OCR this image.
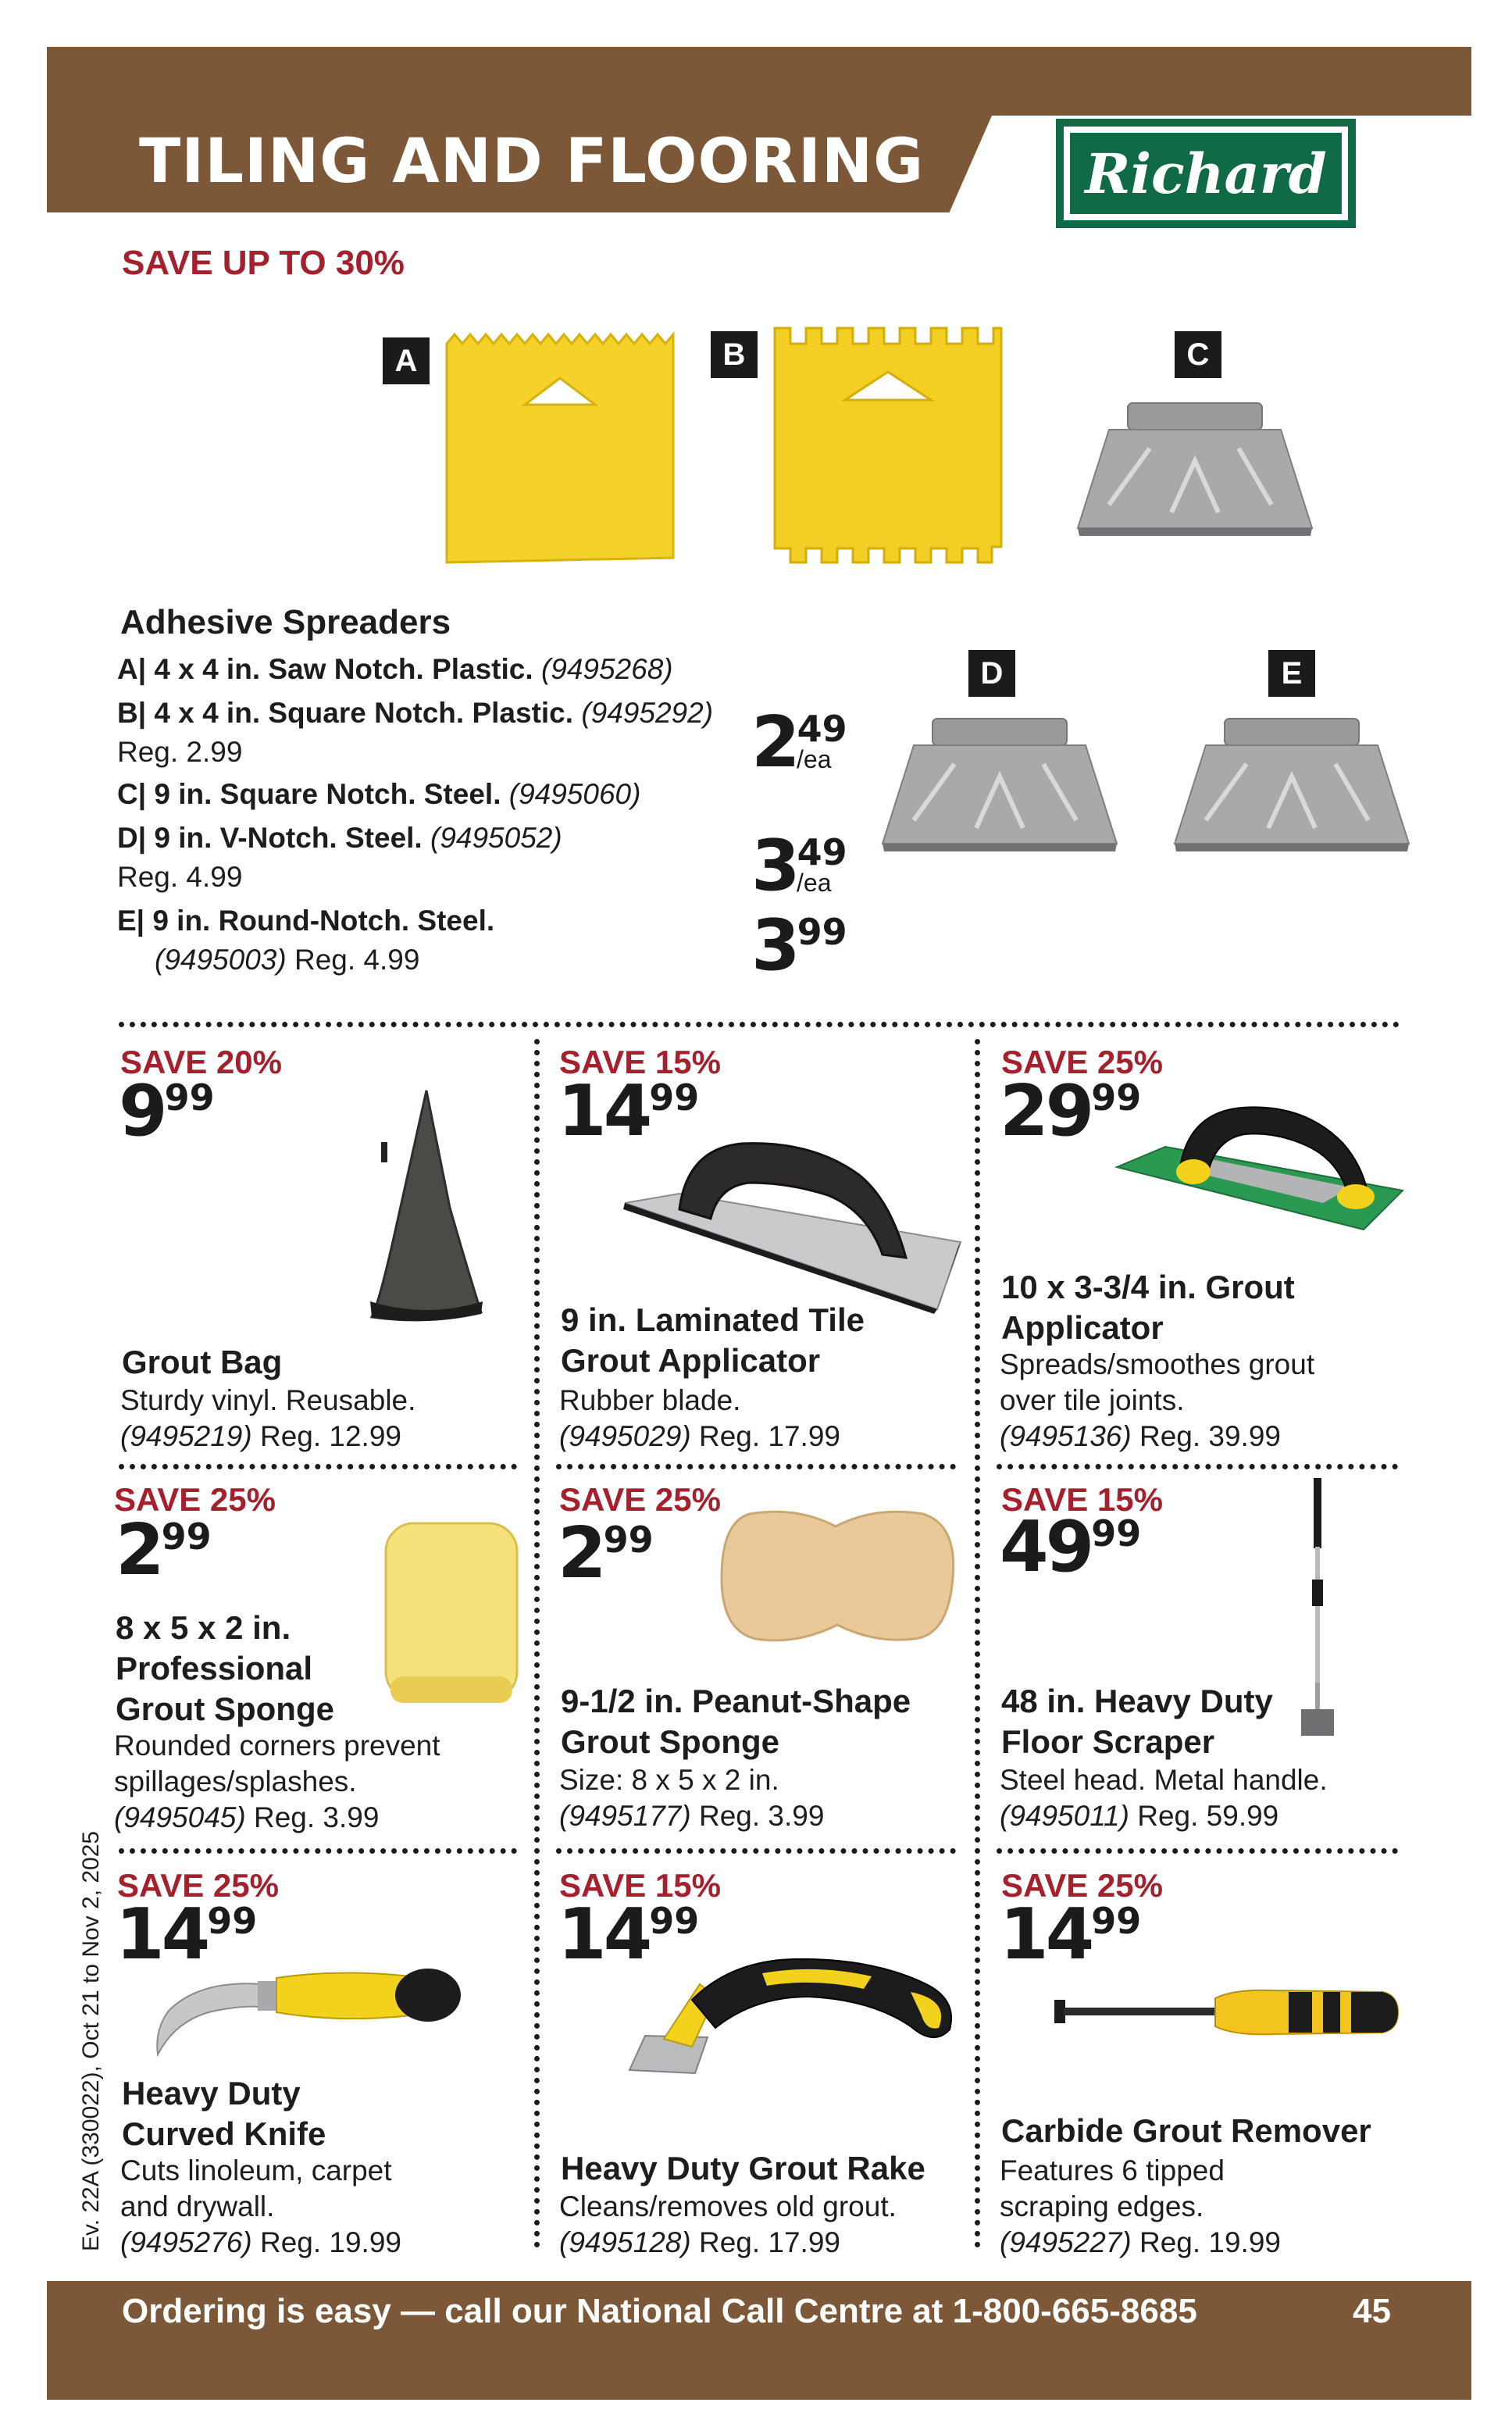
TILING AND FLOORING	Richard
SAVE UP TO 30%
A	B	C
D	E
Adhesive Spreaders
A| 4 x 4 in. Saw Notch. Plastic. (9495268)
B| 4 x 4 in. Square Notch. Plastic. (9495292)
Reg. 2.99
C| 9 in. Square Notch. Steel. (9495060)
D| 9 in. V-Notch. Steel. (9495052)
Reg. 4.99
E| 9 in. Round-Notch. Steel.
(9495003) Reg. 4.99
249
/ea
349
/ea
399
SAVE 20%
999
Grout Bag
Sturdy vinyl. Reusable.
(9495219) Reg. 12.99
SAVE 15%
1499
9 in. Laminated Tile
Grout Applicator
Rubber blade.
(9495029) Reg. 17.99
SAVE 25%
2999
10 x 3-3/4 in. Grout
Applicator
Spreads/smoothes grout
over tile joints.
(9495136) Reg. 39.99
SAVE 25%
299
8 x 5 x 2 in.
Professional
Grout Sponge
Rounded corners prevent
spillages/splashes.
(9495045) Reg. 3.99
SAVE 25%
299
9-1/2 in. Peanut-Shape
Grout Sponge
Size: 8 x 5 x 2 in.
(9495177) Reg. 3.99
SAVE 15%
4999
48 in. Heavy Duty
Floor Scraper
Steel head. Metal handle.
(9495011) Reg. 59.99
SAVE 25%
1499
Heavy Duty
Curved Knife
Cuts linoleum, carpet
and drywall.
(9495276) Reg. 19.99
SAVE 15%
1499
Heavy Duty Grout Rake
Cleans/removes old grout.
(9495128) Reg. 17.99
SAVE 25%
1499
Carbide Grout Remover
Features 6 tipped
scraping edges.
(9495227) Reg. 19.99
Ev. 22A (330022), Oct 21 to Nov 2, 2025
Ordering is easy — call our National Call Centre at 1-800-665-8685	45
